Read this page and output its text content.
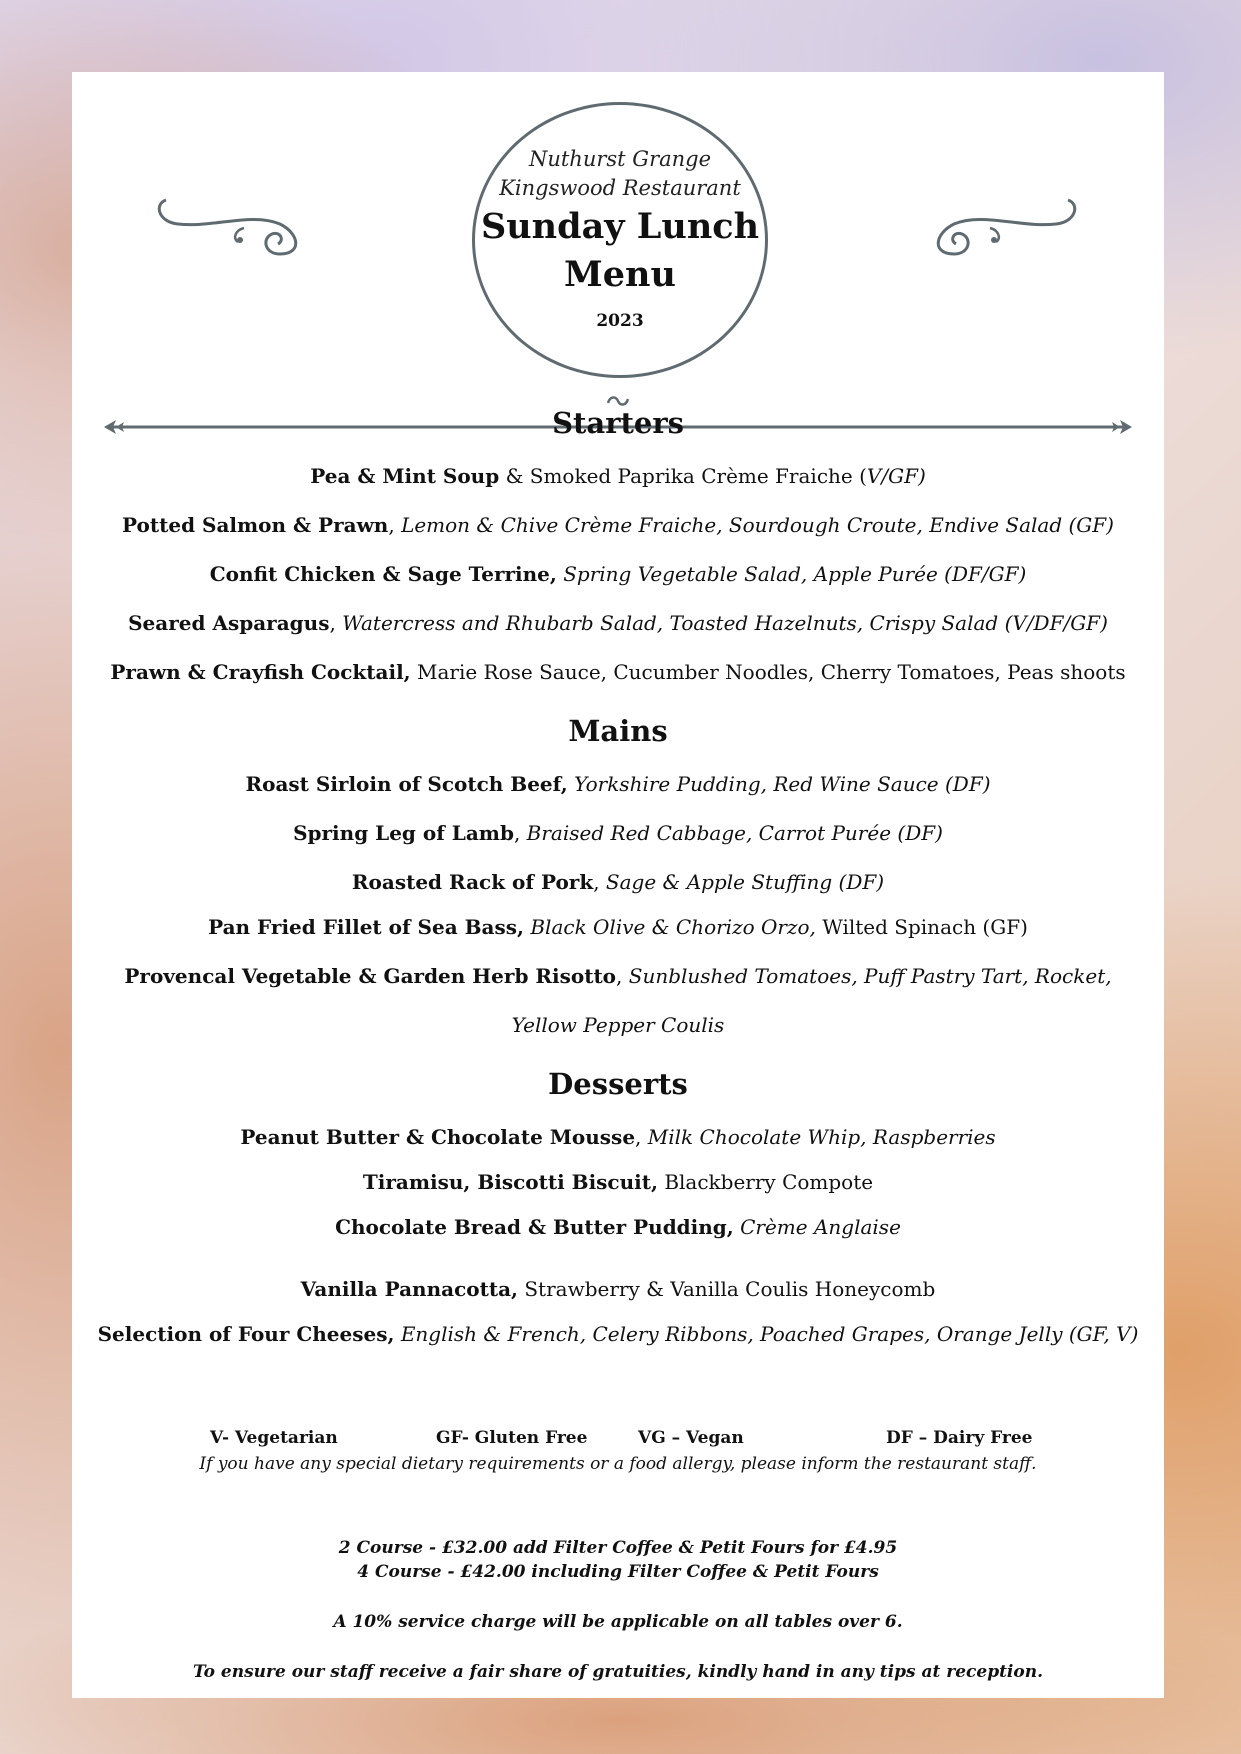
Nuthurst Grange
Kingswood Restaurant
Sunday Lunch
Menu
2023
Starters
Pea & Mint Soup & Smoked Paprika Crème Fraiche (V/GF)
Potted Salmon & Prawn, Lemon & Chive Crème Fraiche, Sourdough Croute, Endive Salad (GF)
Confit Chicken & Sage Terrine, Spring Vegetable Salad, Apple Purée (DF/GF)
Seared Asparagus, Watercress and Rhubarb Salad, Toasted Hazelnuts, Crispy Salad (V/DF/GF)
Prawn & Crayfish Cocktail, Marie Rose Sauce, Cucumber Noodles, Cherry Tomatoes, Peas shoots
Mains
Roast Sirloin of Scotch Beef, Yorkshire Pudding, Red Wine Sauce (DF)
Spring Leg of Lamb, Braised Red Cabbage, Carrot Purée (DF)
Roasted Rack of Pork, Sage & Apple Stuffing (DF)
Pan Fried Fillet of Sea Bass, Black Olive & Chorizo Orzo, Wilted Spinach (GF)
Provencal Vegetable & Garden Herb Risotto, Sunblushed Tomatoes, Puff Pastry Tart, Rocket,
Yellow Pepper Coulis
Desserts
Peanut Butter & Chocolate Mousse, Milk Chocolate Whip, Raspberries
Tiramisu, Biscotti Biscuit, Blackberry Compote
Chocolate Bread & Butter Pudding, Crème Anglaise
Vanilla Pannacotta, Strawberry & Vanilla Coulis Honeycomb
Selection of Four Cheeses, English & French, Celery Ribbons, Poached Grapes, Orange Jelly (GF, V)
V- Vegetarian	GF- Gluten Free	VG – Vegan	DF – Dairy Free
If you have any special dietary requirements or a food allergy, please inform the restaurant staff.
2 Course - £32.00 add Filter Coffee & Petit Fours for £4.95
4 Course - £42.00 including Filter Coffee & Petit Fours
A 10% service charge will be applicable on all tables over 6.
To ensure our staff receive a fair share of gratuities, kindly hand in any tips at reception.
